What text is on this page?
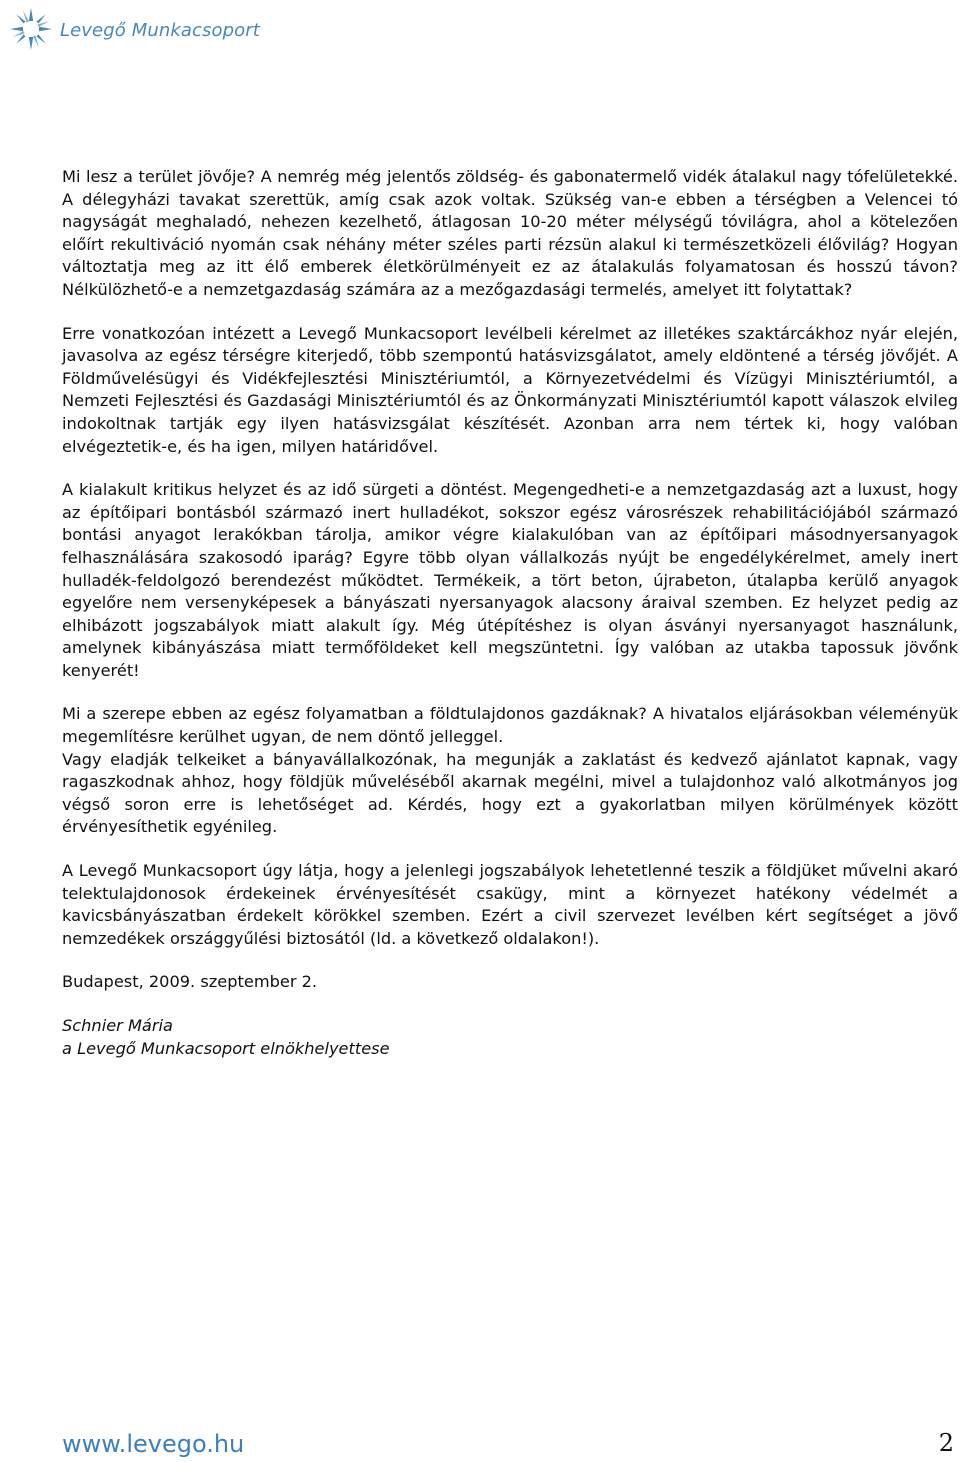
Levegő Munkacsoport

Mi lesz a terület jövője? A nemrég még jelentős zöldség- és gabonatermelő vidék átalakul nagy tófelületekké. A délegyházi tavakat szerettük, amíg csak azok voltak. Szükség van-e ebben a térségben a Velencei tó nagyságát meghaladó, nehezen kezelhető, átlagosan 10-20 méter mélységű tóvilágra, ahol a kötelezően előírt rekultiváció nyomán csak néhány méter széles parti rézsün alakul ki természetközeli élővilág? Hogyan változtatja meg az itt élő emberek életkörülményeit ez az átalakulás folyamatosan és hosszú távon? Nélkülözhető-e a nemzetgazdaság számára az a mezőgazdasági termelés, amelyet itt folytattak?

Erre vonatkozóan intézett a Levegő Munkacsoport levélbeli kérelmet az illetékes szaktárcákhoz nyár elején, javasolva az egész térségre kiterjedő, több szempontú hatásvizsgálatot, amely eldöntené a térség jövőjét. A Földművelésügyi és Vidékfejlesztési Minisztériumtól, a Környezetvédelmi és Vízügyi Minisztériumtól, a Nemzeti Fejlesztési és Gazdasági Minisztériumtól és az Önkormányzati Minisztériumtól kapott válaszok elvileg indokoltnak tartják egy ilyen hatásvizsgálat készítését. Azonban arra nem tértek ki, hogy valóban elvégeztetik-e, és ha igen, milyen határidővel.

A kialakult kritikus helyzet és az idő sürgeti a döntést. Megengedheti-e a nemzetgazdaság azt a luxust, hogy az építőipari bontásból származó inert hulladékot, sokszor egész városrészek rehabilitációjából származó bontási anyagot lerakókban tárolja, amikor végre kialakulóban van az építőipari másodnyersanyagok felhasználására szakosodó iparág? Egyre több olyan vállalkozás nyújt be engedélykérelmet, amely inert hulladék-feldolgozó berendezést működtet. Termékeik, a tört beton, újrabeton, útalapba kerülő anyagok egyelőre nem versenyképesek a bányászati nyersanyagok alacsony áraival szemben. Ez helyzet pedig az elhibázott jogszabályok miatt alakult így. Még útépítéshez is olyan ásványi nyersanyagot használunk, amelynek kibányászása miatt termőföldeket kell megszüntetni. Így valóban az utakba tapossuk jövőnk kenyerét!

Mi a szerepe ebben az egész folyamatban a földtulajdonos gazdáknak? A hivatalos eljárásokban véleményük megemlítésre kerülhet ugyan, de nem döntő jelleggel.

Vagy eladják telkeiket a bányavállalkozónak, ha megunják a zaklatást és kedvező ajánlatot kapnak, vagy ragaszkodnak ahhoz, hogy földjük műveléséből akarnak megélni, mivel a tulajdonhoz való alkotmányos jog végső soron erre is lehetőséget ad. Kérdés, hogy ezt a gyakorlatban milyen körülmények között érvényesíthetik egyénileg.

A Levegő Munkacsoport úgy látja, hogy a jelenlegi jogszabályok lehetetlenné teszik a földjüket művelni akaró telektulajdonosok érdekeinek érvényesítését csakügy, mint a környezet hatékony védelmét a kavicsbányászatban érdekelt körökkel szemben. Ezért a civil szervezet levélben kért segítséget a jövő nemzedékek országgyűlési biztosától (ld. a következő oldalakon!).

Budapest, 2009. szeptember 2.

Schnier Mária
a Levegő Munkacsoport elnökhelyettese
www.levego.hu	2
